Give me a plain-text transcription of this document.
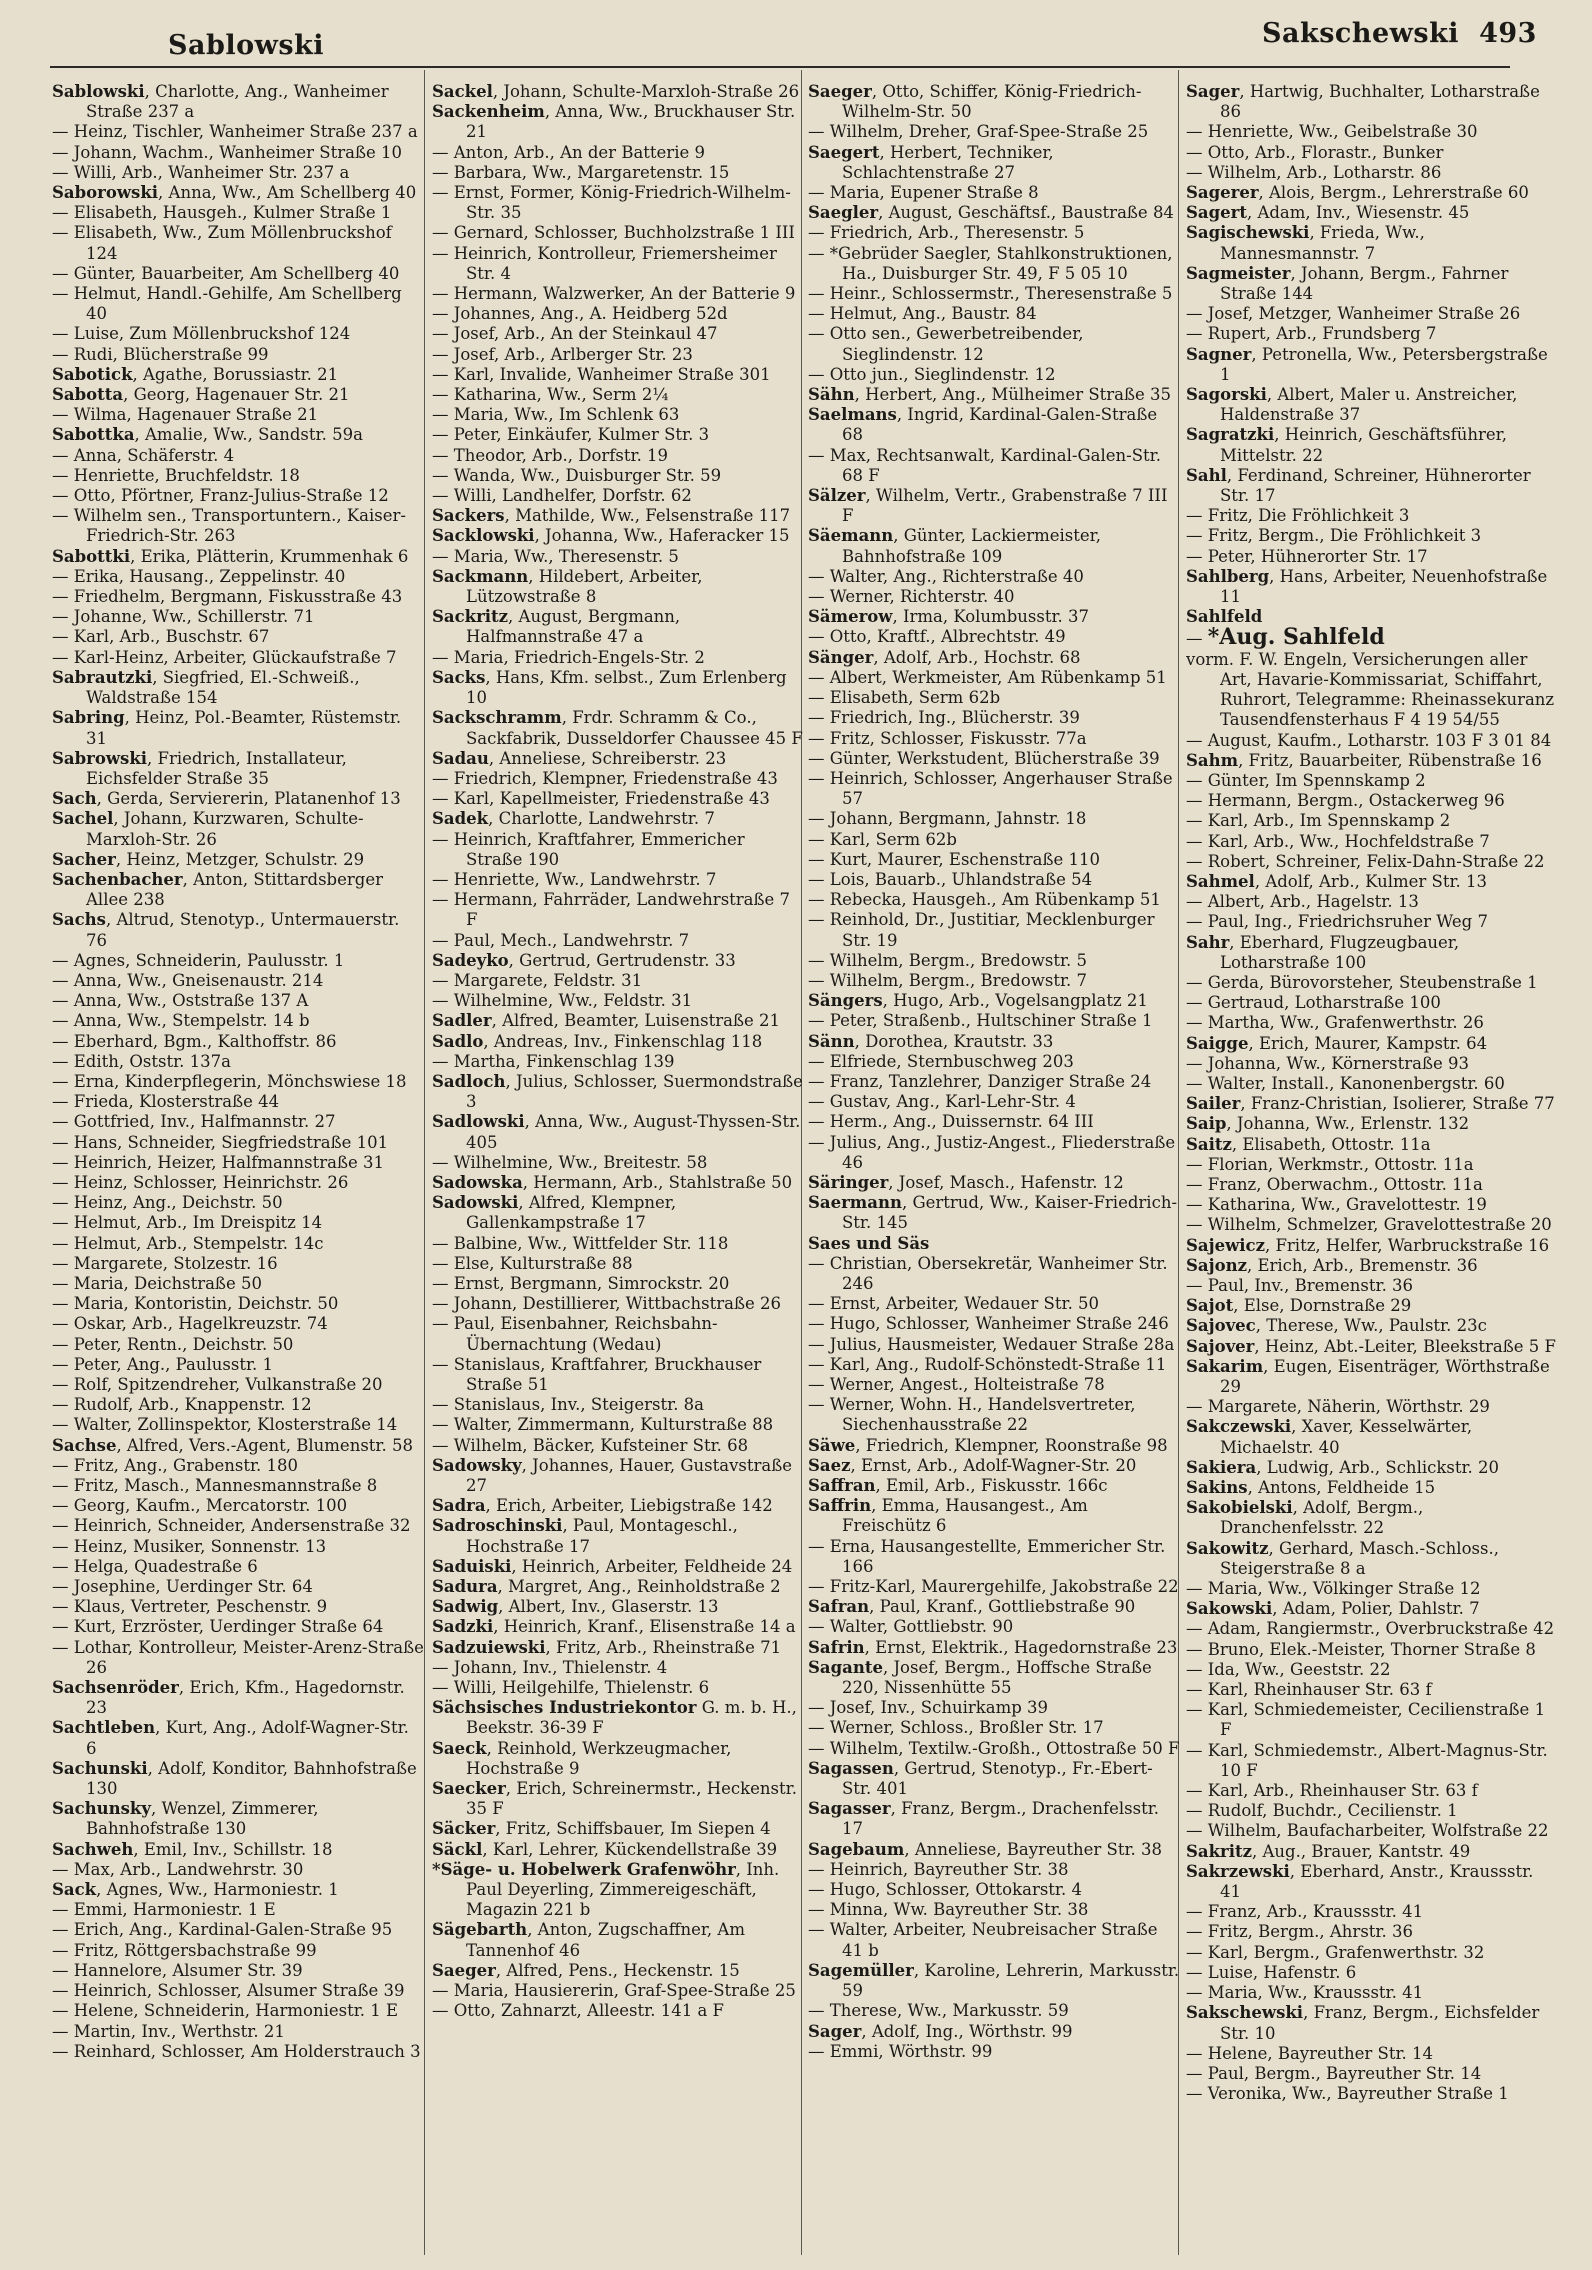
Sablowski	Sakschewski 493
Sablowski, Charlotte, Ang., Wanheimer Straße 237 a
— Heinz, Tischler, Wanheimer Straße 237 a
— Johann, Wachm., Wanheimer Straße 10
— Willi, Arb., Wanheimer Str. 237 a
Saborowski, Anna, Ww., Am Schellberg 40
— Elisabeth, Hausgeh., Kulmer Straße 1
— Elisabeth, Ww., Zum Möllenbruckshof 124
— Günter, Bauarbeiter, Am Schellberg 40
— Helmut, Handl.-Gehilfe, Am Schellberg 40
— Luise, Zum Möllenbruckshof 124
— Rudi, Blücherstraße 99
Sabotick, Agathe, Borussiastr. 21
Sabotta, Georg, Hagenauer Str. 21
— Wilma, Hagenauer Straße 21
Sabottka, Amalie, Ww., Sandstr. 59a
— Anna, Schäferstr. 4
— Henriette, Bruchfeldstr. 18
— Otto, Pförtner, Franz-Julius-Straße 12
— Wilhelm sen., Transportuntern., Kaiser-Friedrich-Str. 263
Sabottki, Erika, Plätterin, Krummenhak 6
— Erika, Hausang., Zeppelinstr. 40
— Friedhelm, Bergmann, Fiskusstraße 43
— Johanne, Ww., Schillerstr. 71
— Karl, Arb., Buschstr. 67
— Karl-Heinz, Arbeiter, Glückaufstraße 7
Sabrautzki, Siegfried, El.-Schweiß., Waldstraße 154
Sabring, Heinz, Pol.-Beamter, Rüstemstr. 31
Sabrowski, Friedrich, Installateur, Eichsfelder Straße 35
Sach, Gerda, Serviererin, Platanenhof 13
Sachel, Johann, Kurzwaren, Schulte-Marxloh-Str. 26
Sacher, Heinz, Metzger, Schulstr. 29
Sachenbacher, Anton, Stittardsberger Allee 238
Sachs, Altrud, Stenotyp., Untermauerstr. 76
— Agnes, Schneiderin, Paulusstr. 1
— Anna, Ww., Gneisenaustr. 214
— Anna, Ww., Oststraße 137 A
— Anna, Ww., Stempelstr. 14 b
— Eberhard, Bgm., Kalthoffstr. 86
— Edith, Oststr. 137a
— Erna, Kinderpflegerin, Mönchswiese 18
— Frieda, Klosterstraße 44
— Gottfried, Inv., Halfmannstr. 27
— Hans, Schneider, Siegfriedstraße 101
— Heinrich, Heizer, Halfmannstraße 31
— Heinz, Schlosser, Heinrichstr. 26
— Heinz, Ang., Deichstr. 50
— Helmut, Arb., Im Dreispitz 14
— Helmut, Arb., Stempelstr. 14c
— Margarete, Stolzestr. 16
— Maria, Deichstraße 50
— Maria, Kontoristin, Deichstr. 50
— Oskar, Arb., Hagelkreuzstr. 74
— Peter, Rentn., Deichstr. 50
— Peter, Ang., Paulusstr. 1
— Rolf, Spitzendreher, Vulkanstraße 20
— Rudolf, Arb., Knappenstr. 12
— Walter, Zollinspektor, Klosterstraße 14
Sachse, Alfred, Vers.-Agent, Blumenstr. 58
— Fritz, Ang., Grabenstr. 180
— Fritz, Masch., Mannesmannstraße 8
— Georg, Kaufm., Mercatorstr. 100
— Heinrich, Schneider, Andersenstraße 32
— Heinz, Musiker, Sonnenstr. 13
— Helga, Quadestraße 6
— Josephine, Uerdinger Str. 64
— Klaus, Vertreter, Peschenstr. 9
— Kurt, Erzröster, Uerdinger Straße 64
— Lothar, Kontrolleur, Meister-Arenz-Straße 26
Sachsenröder, Erich, Kfm., Hagedornstr. 23
Sachtleben, Kurt, Ang., Adolf-Wagner-Str. 6
Sachunski, Adolf, Konditor, Bahnhofstraße 130
Sachunsky, Wenzel, Zimmerer, Bahnhofstraße 130
Sachweh, Emil, Inv., Schillstr. 18
— Max, Arb., Landwehrstr. 30
Sack, Agnes, Ww., Harmoniestr. 1
— Emmi, Harmoniestr. 1 E
— Erich, Ang., Kardinal-Galen-Straße 95
— Fritz, Röttgersbachstraße 99
— Hannelore, Alsumer Str. 39
— Heinrich, Schlosser, Alsumer Straße 39
— Helene, Schneiderin, Harmoniestr. 1 E
— Martin, Inv., Werthstr. 21
— Reinhard, Schlosser, Am Holderstrauch 3
Sackel, Johann, Schulte-Marxloh-Straße 26
Sackenheim, Anna, Ww., Bruckhauser Str. 21
— Anton, Arb., An der Batterie 9
— Barbara, Ww., Margaretenstr. 15
— Ernst, Former, König-Friedrich-Wilhelm-Str. 35
— Gernard, Schlosser, Buchholzstraße 1 III
— Heinrich, Kontrolleur, Friemersheimer Str. 4
— Hermann, Walzwerker, An der Batterie 9
— Johannes, Ang., A. Heidberg 52d
— Josef, Arb., An der Steinkaul 47
— Josef, Arb., Arlberger Str. 23
— Karl, Invalide, Wanheimer Straße 301
— Katharina, Ww., Serm 2¼
— Maria, Ww., Im Schlenk 63
— Peter, Einkäufer, Kulmer Str. 3
— Theodor, Arb., Dorfstr. 19
— Wanda, Ww., Duisburger Str. 59
— Willi, Landhelfer, Dorfstr. 62
Sackers, Mathilde, Ww., Felsenstraße 117
Sacklowski, Johanna, Ww., Haferacker 15
— Maria, Ww., Theresenstr. 5
Sackmann, Hildebert, Arbeiter, Lützowstraße 8
Sackritz, August, Bergmann, Halfmannstraße 47 a
— Maria, Friedrich-Engels-Str. 2
Sacks, Hans, Kfm. selbst., Zum Erlenberg 10
Sackschramm, Frdr. Schramm & Co., Sackfabrik, Dusseldorfer Chaussee 45 F
Sadau, Anneliese, Schreiberstr. 23
— Friedrich, Klempner, Friedenstraße 43
— Karl, Kapellmeister, Friedenstraße 43
Sadek, Charlotte, Landwehrstr. 7
— Heinrich, Kraftfahrer, Emmericher Straße 190
— Henriette, Ww., Landwehrstr. 7
— Hermann, Fahrräder, Landwehrstraße 7 F
— Paul, Mech., Landwehrstr. 7
Sadeyko, Gertrud, Gertrudenstr. 33
— Margarete, Feldstr. 31
— Wilhelmine, Ww., Feldstr. 31
Sadler, Alfred, Beamter, Luisenstraße 21
Sadlo, Andreas, Inv., Finkenschlag 118
— Martha, Finkenschlag 139
Sadloch, Julius, Schlosser, Suermondstraße 3
Sadlowski, Anna, Ww., August-Thyssen-Str. 405
— Wilhelmine, Ww., Breitestr. 58
Sadowska, Hermann, Arb., Stahlstraße 50
Sadowski, Alfred, Klempner, Gallenkampstraße 17
— Balbine, Ww., Wittfelder Str. 118
— Else, Kulturstraße 88
— Ernst, Bergmann, Simrockstr. 20
— Johann, Destillierer, Wittbachstraße 26
— Paul, Eisenbahner, Reichsbahn-Übernachtung (Wedau)
— Stanislaus, Kraftfahrer, Bruckhauser Straße 51
— Stanislaus, Inv., Steigerstr. 8a
— Walter, Zimmermann, Kulturstraße 88
— Wilhelm, Bäcker, Kufsteiner Str. 68
Sadowsky, Johannes, Hauer, Gustavstraße 27
Sadra, Erich, Arbeiter, Liebigstraße 142
Sadroschinski, Paul, Montageschl., Hochstraße 17
Saduiski, Heinrich, Arbeiter, Feldheide 24
Sadura, Margret, Ang., Reinholdstraße 2
Sadwig, Albert, Inv., Glaserstr. 13
Sadzki, Heinrich, Kranf., Elisenstraße 14 a
Sadzuiewski, Fritz, Arb., Rheinstraße 71
— Johann, Inv., Thielenstr. 4
— Willi, Heilgehilfe, Thielenstr. 6
Sächsisches Industriekontor G. m. b. H., Beekstr. 36-39 F
Saeck, Reinhold, Werkzeugmacher, Hochstraße 9
Saecker, Erich, Schreinermstr., Heckenstr. 35 F
Säcker, Fritz, Schiffsbauer, Im Siepen 4
Säckl, Karl, Lehrer, Kückendellstraße 39
*Säge- u. Hobelwerk Grafenwöhr, Inh. Paul Deyerling, Zimmereigeschäft, Magazin 221 b
Sägebarth, Anton, Zugschaffner, Am Tannenhof 46
Saeger, Alfred, Pens., Heckenstr. 15
— Maria, Hausiererin, Graf-Spee-Straße 25
— Otto, Zahnarzt, Alleestr. 141 a F
Saeger, Otto, Schiffer, König-Friedrich-Wilhelm-Str. 50
— Wilhelm, Dreher, Graf-Spee-Straße 25
Saegert, Herbert, Techniker, Schlachtenstraße 27
— Maria, Eupener Straße 8
Saegler, August, Geschäftsf., Baustraße 84
— Friedrich, Arb., Theresenstr. 5
— *Gebrüder Saegler, Stahlkonstruktionen, Ha., Duisburger Str. 49, F 5 05 10
— Heinr., Schlossermstr., Theresenstraße 5
— Helmut, Ang., Baustr. 84
— Otto sen., Gewerbetreibender, Sieglindenstr. 12
— Otto jun., Sieglindenstr. 12
Sähn, Herbert, Ang., Mülheimer Straße 35
Saelmans, Ingrid, Kardinal-Galen-Straße 68
— Max, Rechtsanwalt, Kardinal-Galen-Str. 68 F
Sälzer, Wilhelm, Vertr., Grabenstraße 7 III F
Säemann, Günter, Lackiermeister, Bahnhofstraße 109
— Walter, Ang., Richterstraße 40
— Werner, Richterstr. 40
Sämerow, Irma, Kolumbusstr. 37
— Otto, Kraftf., Albrechtstr. 49
Sänger, Adolf, Arb., Hochstr. 68
— Albert, Werkmeister, Am Rübenkamp 51
— Elisabeth, Serm 62b
— Friedrich, Ing., Blücherstr. 39
— Fritz, Schlosser, Fiskusstr. 77a
— Günter, Werkstudent, Blücherstraße 39
— Heinrich, Schlosser, Angerhauser Straße 57
— Johann, Bergmann, Jahnstr. 18
— Karl, Serm 62b
— Kurt, Maurer, Eschenstraße 110
— Lois, Bauarb., Uhlandstraße 54
— Rebecka, Hausgeh., Am Rübenkamp 51
— Reinhold, Dr., Justitiar, Mecklenburger Str. 19
— Wilhelm, Bergm., Bredowstr. 5
— Wilhelm, Bergm., Bredowstr. 7
Sängers, Hugo, Arb., Vogelsangplatz 21
— Peter, Straßenb., Hultschiner Straße 1
Sänn, Dorothea, Krautstr. 33
— Elfriede, Sternbuschweg 203
— Franz, Tanzlehrer, Danziger Straße 24
— Gustav, Ang., Karl-Lehr-Str. 4
— Herm., Ang., Duissernstr. 64 III
— Julius, Ang., Justiz-Angest., Fliederstraße 46
Säringer, Josef, Masch., Hafenstr. 12
Saermann, Gertrud, Ww., Kaiser-Friedrich-Str. 145
Saes und Säs
— Christian, Obersekretär, Wanheimer Str. 246
— Ernst, Arbeiter, Wedauer Str. 50
— Hugo, Schlosser, Wanheimer Straße 246
— Julius, Hausmeister, Wedauer Straße 28a
— Karl, Ang., Rudolf-Schönstedt-Straße 11
— Werner, Angest., Holteistraße 78
— Werner, Wohn. H., Handelsvertreter, Siechenhausstraße 22
Säwe, Friedrich, Klempner, Roonstraße 98
Saez, Ernst, Arb., Adolf-Wagner-Str. 20
Saffran, Emil, Arb., Fiskusstr. 166c
Saffrin, Emma, Hausangest., Am Freischütz 6
— Erna, Hausangestellte, Emmericher Str. 166
— Fritz-Karl, Maurergehilfe, Jakobstraße 22
Safran, Paul, Kranf., Gottliebstraße 90
— Walter, Gottliebstr. 90
Safrin, Ernst, Elektrik., Hagedornstraße 23
Sagante, Josef, Bergm., Hoffsche Straße 220, Nissenhütte 55
— Josef, Inv., Schuirkamp 39
— Werner, Schloss., Broßler Str. 17
— Wilhelm, Textilw.-Großh., Ottostraße 50 F
Sagassen, Gertrud, Stenotyp., Fr.-Ebert-Str. 401
Sagasser, Franz, Bergm., Drachenfelsstr. 17
Sagebaum, Anneliese, Bayreuther Str. 38
— Heinrich, Bayreuther Str. 38
— Hugo, Schlosser, Ottokarstr. 4
— Minna, Ww. Bayreuther Str. 38
— Walter, Arbeiter, Neubreisacher Straße 41 b
Sagemüller, Karoline, Lehrerin, Markusstr. 59
— Therese, Ww., Markusstr. 59
Sager, Adolf, Ing., Wörthstr. 99
— Emmi, Wörthstr. 99
Sager, Hartwig, Buchhalter, Lotharstraße 86
— Henriette, Ww., Geibelstraße 30
— Otto, Arb., Florastr., Bunker
— Wilhelm, Arb., Lotharstr. 86
Sagerer, Alois, Bergm., Lehrerstraße 60
Sagert, Adam, Inv., Wiesenstr. 45
Sagischewski, Frieda, Ww., Mannesmannstr. 7
Sagmeister, Johann, Bergm., Fahrner Straße 144
— Josef, Metzger, Wanheimer Straße 26
— Rupert, Arb., Frundsberg 7
Sagner, Petronella, Ww., Petersbergstraße 1
Sagorski, Albert, Maler u. Anstreicher, Haldenstraße 37
Sagratzki, Heinrich, Geschäftsführer, Mittelstr. 22
Sahl, Ferdinand, Schreiner, Hühnerorter Str. 17
— Fritz, Die Fröhlichkeit 3
— Fritz, Bergm., Die Fröhlichkeit 3
— Peter, Hühnerorter Str. 17
Sahlberg, Hans, Arbeiter, Neuenhofstraße 11
Sahlfeld
— *Aug. Sahlfeld
vorm. F. W. Engeln, Versicherungen aller Art, Havarie-Kommissariat, Schiffahrt, Ruhrort, Telegramme: Rheinassekuranz Tausendfensterhaus F 4 19 54/55
— August, Kaufm., Lotharstr. 103 F 3 01 84
Sahm, Fritz, Bauarbeiter, Rübenstraße 16
— Günter, Im Spennskamp 2
— Hermann, Bergm., Ostackerweg 96
— Karl, Arb., Im Spennskamp 2
— Karl, Arb., Ww., Hochfeldstraße 7
— Robert, Schreiner, Felix-Dahn-Straße 22
Sahmel, Adolf, Arb., Kulmer Str. 13
— Albert, Arb., Hagelstr. 13
— Paul, Ing., Friedrichsruher Weg 7
Sahr, Eberhard, Flugzeugbauer, Lotharstraße 100
— Gerda, Bürovorsteher, Steubenstraße 1
— Gertraud, Lotharstraße 100
— Martha, Ww., Grafenwerthstr. 26
Saigge, Erich, Maurer, Kampstr. 64
— Johanna, Ww., Körnerstraße 93
— Walter, Install., Kanonenbergstr. 60
Sailer, Franz-Christian, Isolierer, Straße 77
Saip, Johanna, Ww., Erlenstr. 132
Saitz, Elisabeth, Ottostr. 11a
— Florian, Werkmstr., Ottostr. 11a
— Franz, Oberwachm., Ottostr. 11a
— Katharina, Ww., Gravelottestr. 19
— Wilhelm, Schmelzer, Gravelottestraße 20
Sajewicz, Fritz, Helfer, Warbruckstraße 16
Sajonz, Erich, Arb., Bremenstr. 36
— Paul, Inv., Bremenstr. 36
Sajot, Else, Dornstraße 29
Sajovec, Therese, Ww., Paulstr. 23c
Sajover, Heinz, Abt.-Leiter, Bleekstraße 5 F
Sakarim, Eugen, Eisenträger, Wörthstraße 29
— Margarete, Näherin, Wörthstr. 29
Sakczewski, Xaver, Kesselwärter, Michaelstr. 40
Sakiera, Ludwig, Arb., Schlickstr. 20
Sakins, Antons, Feldheide 15
Sakobielski, Adolf, Bergm., Dranchenfelsstr. 22
Sakowitz, Gerhard, Masch.-Schloss., Steigerstraße 8 a
— Maria, Ww., Völkinger Straße 12
Sakowski, Adam, Polier, Dahlstr. 7
— Adam, Rangiermstr., Overbruckstraße 42
— Bruno, Elek.-Meister, Thorner Straße 8
— Ida, Ww., Geeststr. 22
— Karl, Rheinhauser Str. 63 f
— Karl, Schmiedemeister, Cecilienstraße 1 F
— Karl, Schmiedemstr., Albert-Magnus-Str. 10 F
— Karl, Arb., Rheinhauser Str. 63 f
— Rudolf, Buchdr., Cecilienstr. 1
— Wilhelm, Baufacharbeiter, Wolfstraße 22
Sakritz, Aug., Brauer, Kantstr. 49
Sakrzewski, Eberhard, Anstr., Kraussstr. 41
— Franz, Arb., Kraussstr. 41
— Fritz, Bergm., Ahrstr. 36
— Karl, Bergm., Grafenwerthstr. 32
— Luise, Hafenstr. 6
— Maria, Ww., Kraussstr. 41
Sakschewski, Franz, Bergm., Eichsfelder Str. 10
— Helene, Bayreuther Str. 14
— Paul, Bergm., Bayreuther Str. 14
— Veronika, Ww., Bayreuther Straße 1
